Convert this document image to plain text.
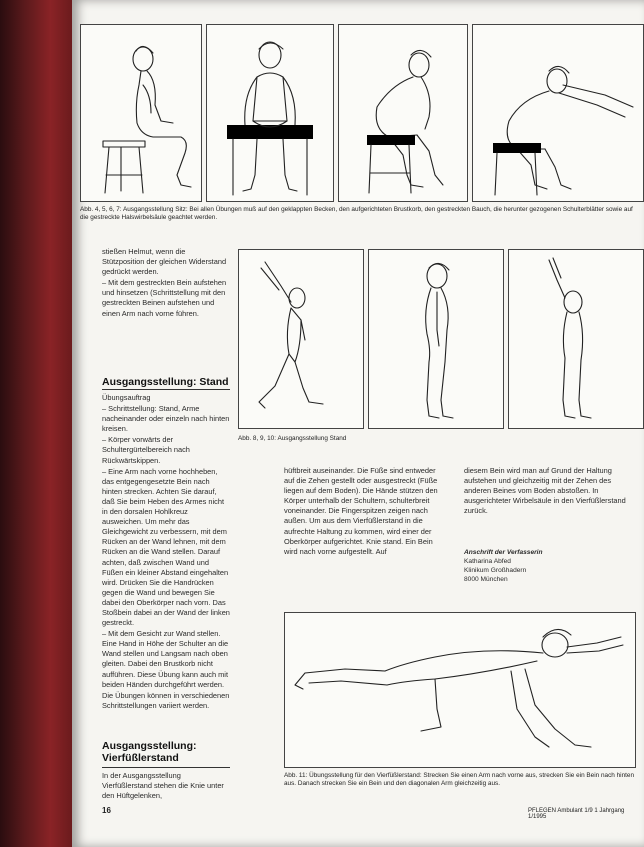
Abb. 4, 5, 6, 7: Ausgangsstellung Sitz: Bei allen Übungen muß auf den geklappten Becken, den aufgerichteten Brustkorb, den gestreckten Bauch, die herunter gezogenen Schulterblätter sowie auf die gestreckte Halswirbelsäule geachtet werden.

stießen Helmut, wenn die Stützposition der gleichen Widerstand gedrückt werden.

– Mit dem gestreckten Bein aufstehen und hinsetzen (Schrittstellung mit den gestreckten Beinen aufstehen und einen Arm nach vorne führen.

Abb. 8, 9, 10: Ausgangsstellung Stand
Ausgangsstellung: Stand

Übungsauftrag

– Schrittstellung: Stand, Arme nacheinander oder einzeln nach hinten kreisen.

– Körper vorwärts der Schultergürtelbereich nach Rückwärtskippen.

– Eine Arm nach vorne hochheben, das entgegengesetzte Bein nach hinten strecken. Achten Sie darauf, daß Sie beim Heben des Armes nicht in den dorsalen Hohlkreuz ausweichen. Um mehr das Gleichgewicht zu verbessern, mit dem Rücken an der Wand lehnen, mit dem Rücken an die Wand stellen. Darauf achten, daß zwischen Wand und Füßen ein kleiner Abstand eingehalten wird. Drücken Sie die Handrücken gegen die Wand und bewegen Sie dabei den Oberkörper nach vorn. Das Stoßbein dabei an der Wand der linken gestreckt.

– Mit dem Gesicht zur Wand stellen. Eine Hand in Höhe der Schulter an die Wand stellen und Langsam nach oben gleiten. Dabei den Brustkorb nicht aufführen. Diese Übung kann auch mit beiden Händen durchgeführt werden.

Die Übungen können in verschiedenen Schrittstellungen variiert werden.

Ausgangsstellung:
Vierfüßlerstand
In der Ausgangsstellung Vierfüßlerstand stehen die Knie unter den Hüftgelenken,
hüftbreit auseinander. Die Füße sind entweder auf die Zehen gestellt oder ausgestreckt (Füße liegen auf dem Boden). Die Hände stützen den Körper unterhalb der Schultern, schulterbreit voneinander. Die Fingerspitzen zeigen nach außen. Um aus dem Vierfüßlerstand in die aufrechte Haltung zu kommen, wird einer der Oberkörper aufgerichtet. Knie stand. Ein Bein wird nach vorne aufgestellt. Auf
diesem Bein wird man auf Grund der Haltung aufstehen und gleichzeitig mit der Zehen des anderen Beines vom Boden abstoßen. In ausgerichteter Wirbelsäule in den Vierfüßlerstand zurück.
Anschrift der Verfasserin
Katharina Abfed
Klinikum Großhadern
8000 München
Abb. 11: Übungsstellung für den Vierfüßlerstand: Strecken Sie einen Arm nach vorne aus, strecken Sie ein Bein nach hinten aus. Danach strecken Sie ein Bein und den diagonalen Arm gleichzeitig aus.
16	PFLEGEN Ambulant 1/9 1 Jahrgang 1/1995
